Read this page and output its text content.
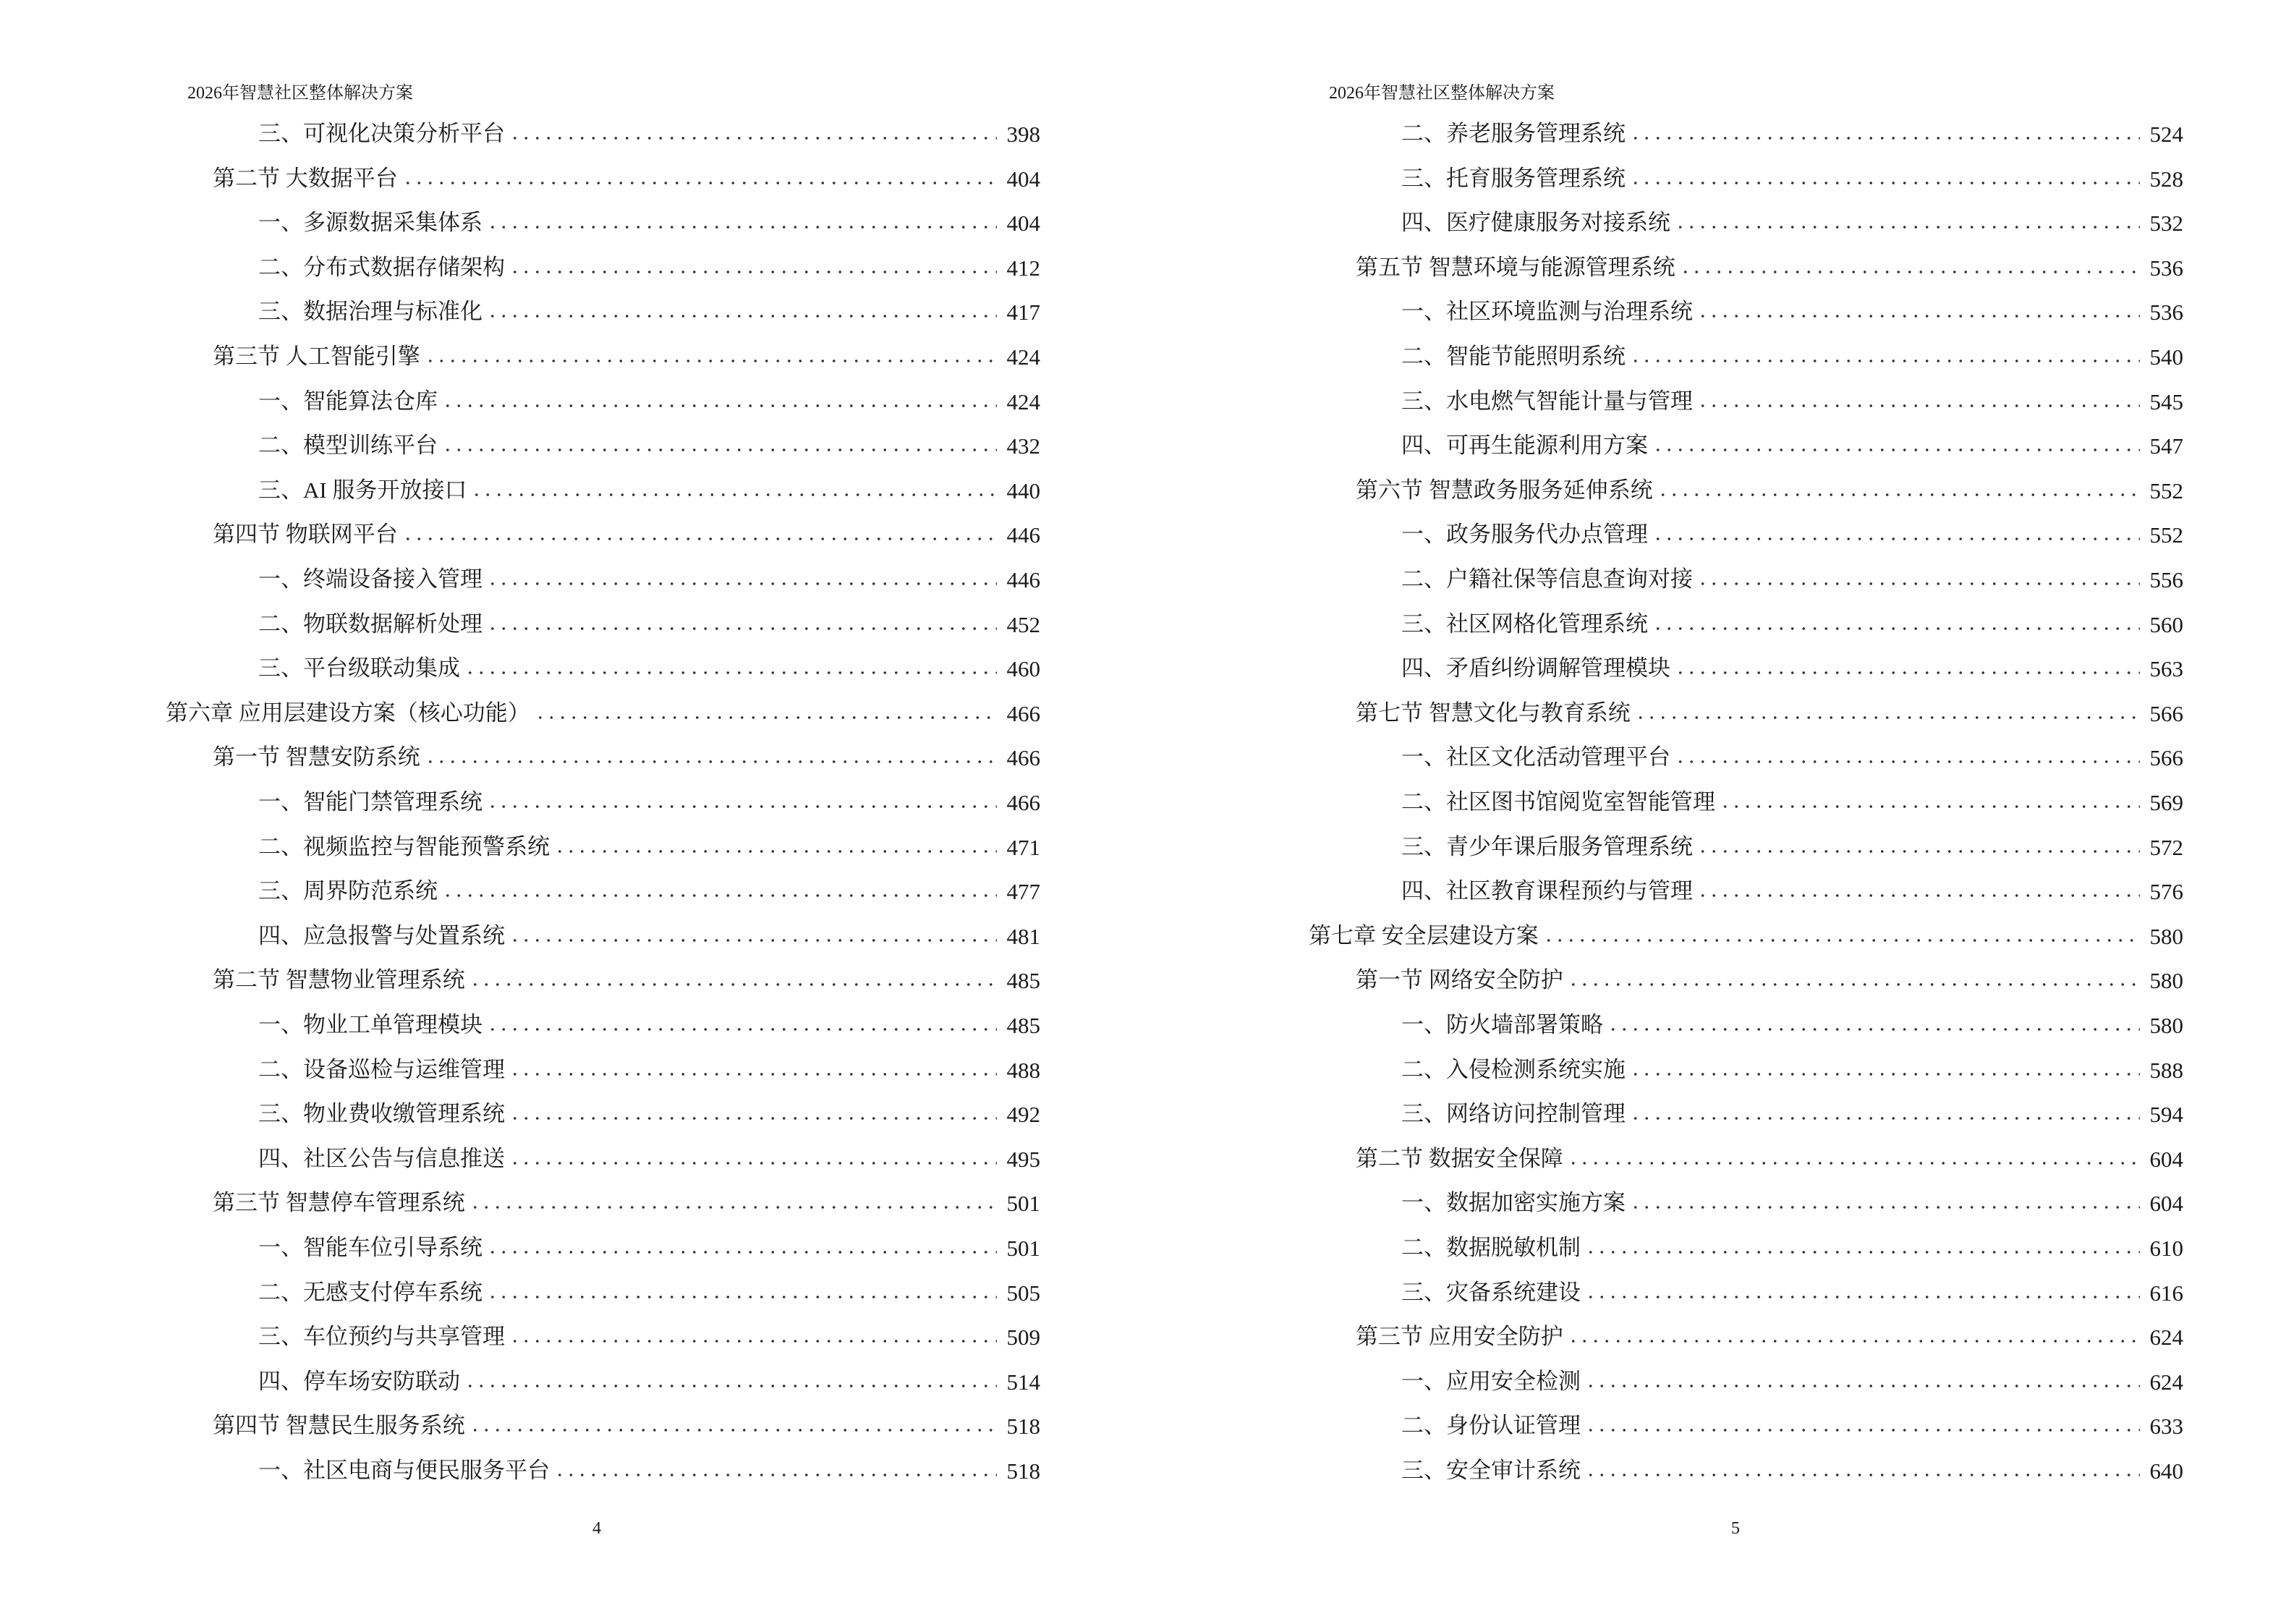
2026年智慧社区整体解决方案
三、可视化决策分析平台	398
第二节 大数据平台	404
一、多源数据采集体系	404
二、分布式数据存储架构	412
三、数据治理与标准化	417
第三节 人工智能引擎	424
一、智能算法仓库	424
二、模型训练平台	432
三、AI 服务开放接口	440
第四节 物联网平台	446
一、终端设备接入管理	446
二、物联数据解析处理	452
三、平台级联动集成	460
第六章 应用层建设方案（核心功能）	466
第一节 智慧安防系统	466
一、智能门禁管理系统	466
二、视频监控与智能预警系统	471
三、周界防范系统	477
四、应急报警与处置系统	481
第二节 智慧物业管理系统	485
一、物业工单管理模块	485
二、设备巡检与运维管理	488
三、物业费收缴管理系统	492
四、社区公告与信息推送	495
第三节 智慧停车管理系统	501
一、智能车位引导系统	501
二、无感支付停车系统	505
三、车位预约与共享管理	509
四、停车场安防联动	514
第四节 智慧民生服务系统	518
一、社区电商与便民服务平台	518
4
2026年智慧社区整体解决方案
二、养老服务管理系统	524
三、托育服务管理系统	528
四、医疗健康服务对接系统	532
第五节 智慧环境与能源管理系统	536
一、社区环境监测与治理系统	536
二、智能节能照明系统	540
三、水电燃气智能计量与管理	545
四、可再生能源利用方案	547
第六节 智慧政务服务延伸系统	552
一、政务服务代办点管理	552
二、户籍社保等信息查询对接	556
三、社区网格化管理系统	560
四、矛盾纠纷调解管理模块	563
第七节 智慧文化与教育系统	566
一、社区文化活动管理平台	566
二、社区图书馆阅览室智能管理	569
三、青少年课后服务管理系统	572
四、社区教育课程预约与管理	576
第七章 安全层建设方案	580
第一节 网络安全防护	580
一、防火墙部署策略	580
二、入侵检测系统实施	588
三、网络访问控制管理	594
第二节 数据安全保障	604
一、数据加密实施方案	604
二、数据脱敏机制	610
三、灾备系统建设	616
第三节 应用安全防护	624
一、应用安全检测	624
二、身份认证管理	633
三、安全审计系统	640
5
